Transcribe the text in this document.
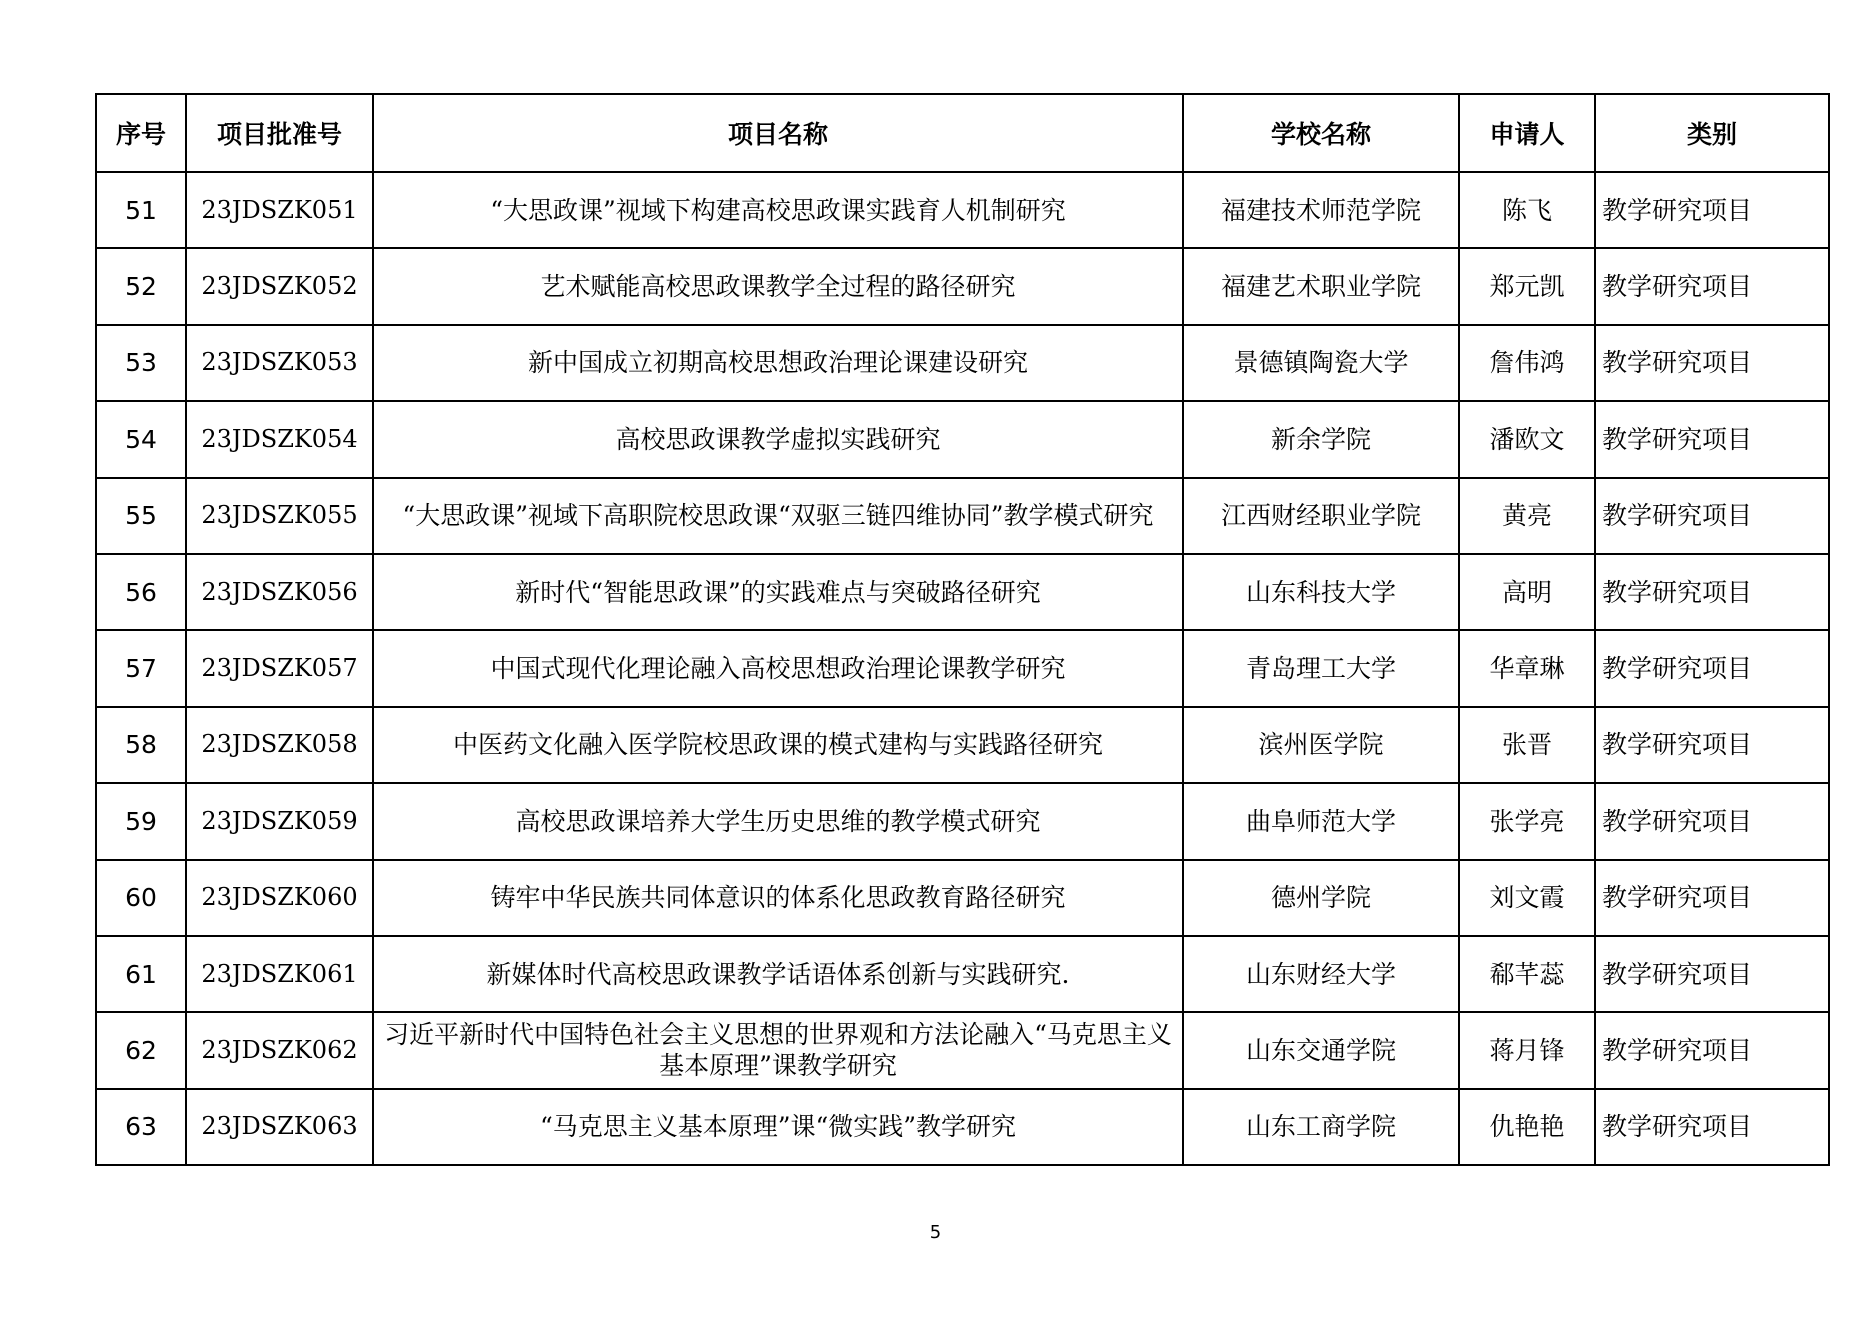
序号	项目批准号	项目名称	学校名称	申请人	类别
51	23JDSZK051	“大思政课”视域下构建高校思政课实践育人机制研究	福建技术师范学院	陈飞	教学研究项目
52	23JDSZK052	艺术赋能高校思政课教学全过程的路径研究	福建艺术职业学院	郑元凯	教学研究项目
53	23JDSZK053	新中国成立初期高校思想政治理论课建设研究	景德镇陶瓷大学	詹伟鸿	教学研究项目
54	23JDSZK054	高校思政课教学虚拟实践研究	新余学院	潘欧文	教学研究项目
55	23JDSZK055	“大思政课”视域下高职院校思政课“双驱三链四维协同”教学模式研究	江西财经职业学院	黄亮	教学研究项目
56	23JDSZK056	新时代“智能思政课”的实践难点与突破路径研究	山东科技大学	高明	教学研究项目
57	23JDSZK057	中国式现代化理论融入高校思想政治理论课教学研究	青岛理工大学	华章琳	教学研究项目
58	23JDSZK058	中医药文化融入医学院校思政课的模式建构与实践路径研究	滨州医学院	张晋	教学研究项目
59	23JDSZK059	高校思政课培养大学生历史思维的教学模式研究	曲阜师范大学	张学亮	教学研究项目
60	23JDSZK060	铸牢中华民族共同体意识的体系化思政教育路径研究	德州学院	刘文霞	教学研究项目
61	23JDSZK061	新媒体时代高校思政课教学话语体系创新与实践研究.	山东财经大学	郗芊蕊	教学研究项目
62	23JDSZK062	习近平新时代中国特色社会主义思想的世界观和方法论融入“马克思主义基本原理”课教学研究	山东交通学院	蒋月锋	教学研究项目
63	23JDSZK063	“马克思主义基本原理”课“微实践”教学研究	山东工商学院	仇艳艳	教学研究项目
5
